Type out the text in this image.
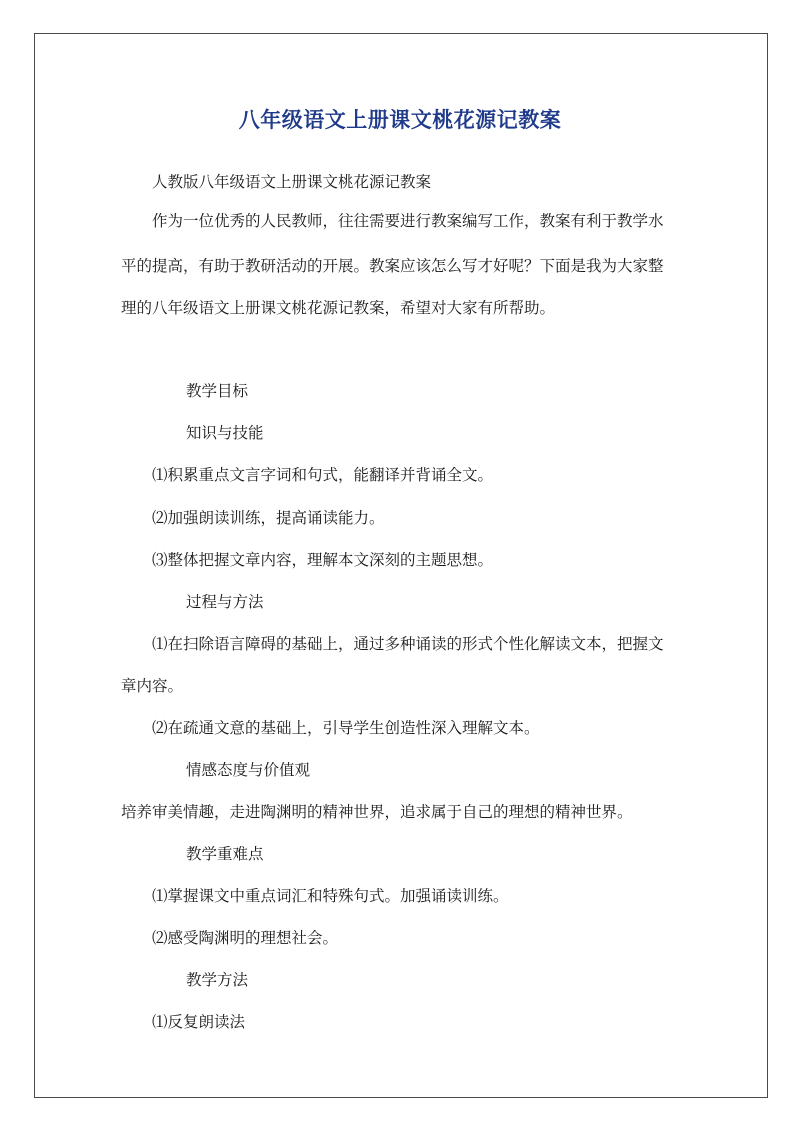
八年级语文上册课文桃花源记教案
人教版八年级语文上册课文桃花源记教案
作为一位优秀的人民教师，往往需要进行教案编写工作，教案有利于教学水
平的提高，有助于教研活动的开展。教案应该怎么写才好呢？下面是我为大家整
理的八年级语文上册课文桃花源记教案，希望对大家有所帮助。
教学目标
知识与技能
⑴积累重点文言字词和句式，能翻译并背诵全文。
⑵加强朗读训练，提高诵读能力。
⑶整体把握文章内容，理解本文深刻的主题思想。
过程与方法
⑴在扫除语言障碍的基础上，通过多种诵读的形式个性化解读文本，把握文
章内容。
⑵在疏通文意的基础上，引导学生创造性深入理解文本。
情感态度与价值观
培养审美情趣，走进陶渊明的精神世界，追求属于自己的理想的精神世界。
教学重难点
⑴掌握课文中重点词汇和特殊句式。加强诵读训练。
⑵感受陶渊明的理想社会。
教学方法
⑴反复朗读法
